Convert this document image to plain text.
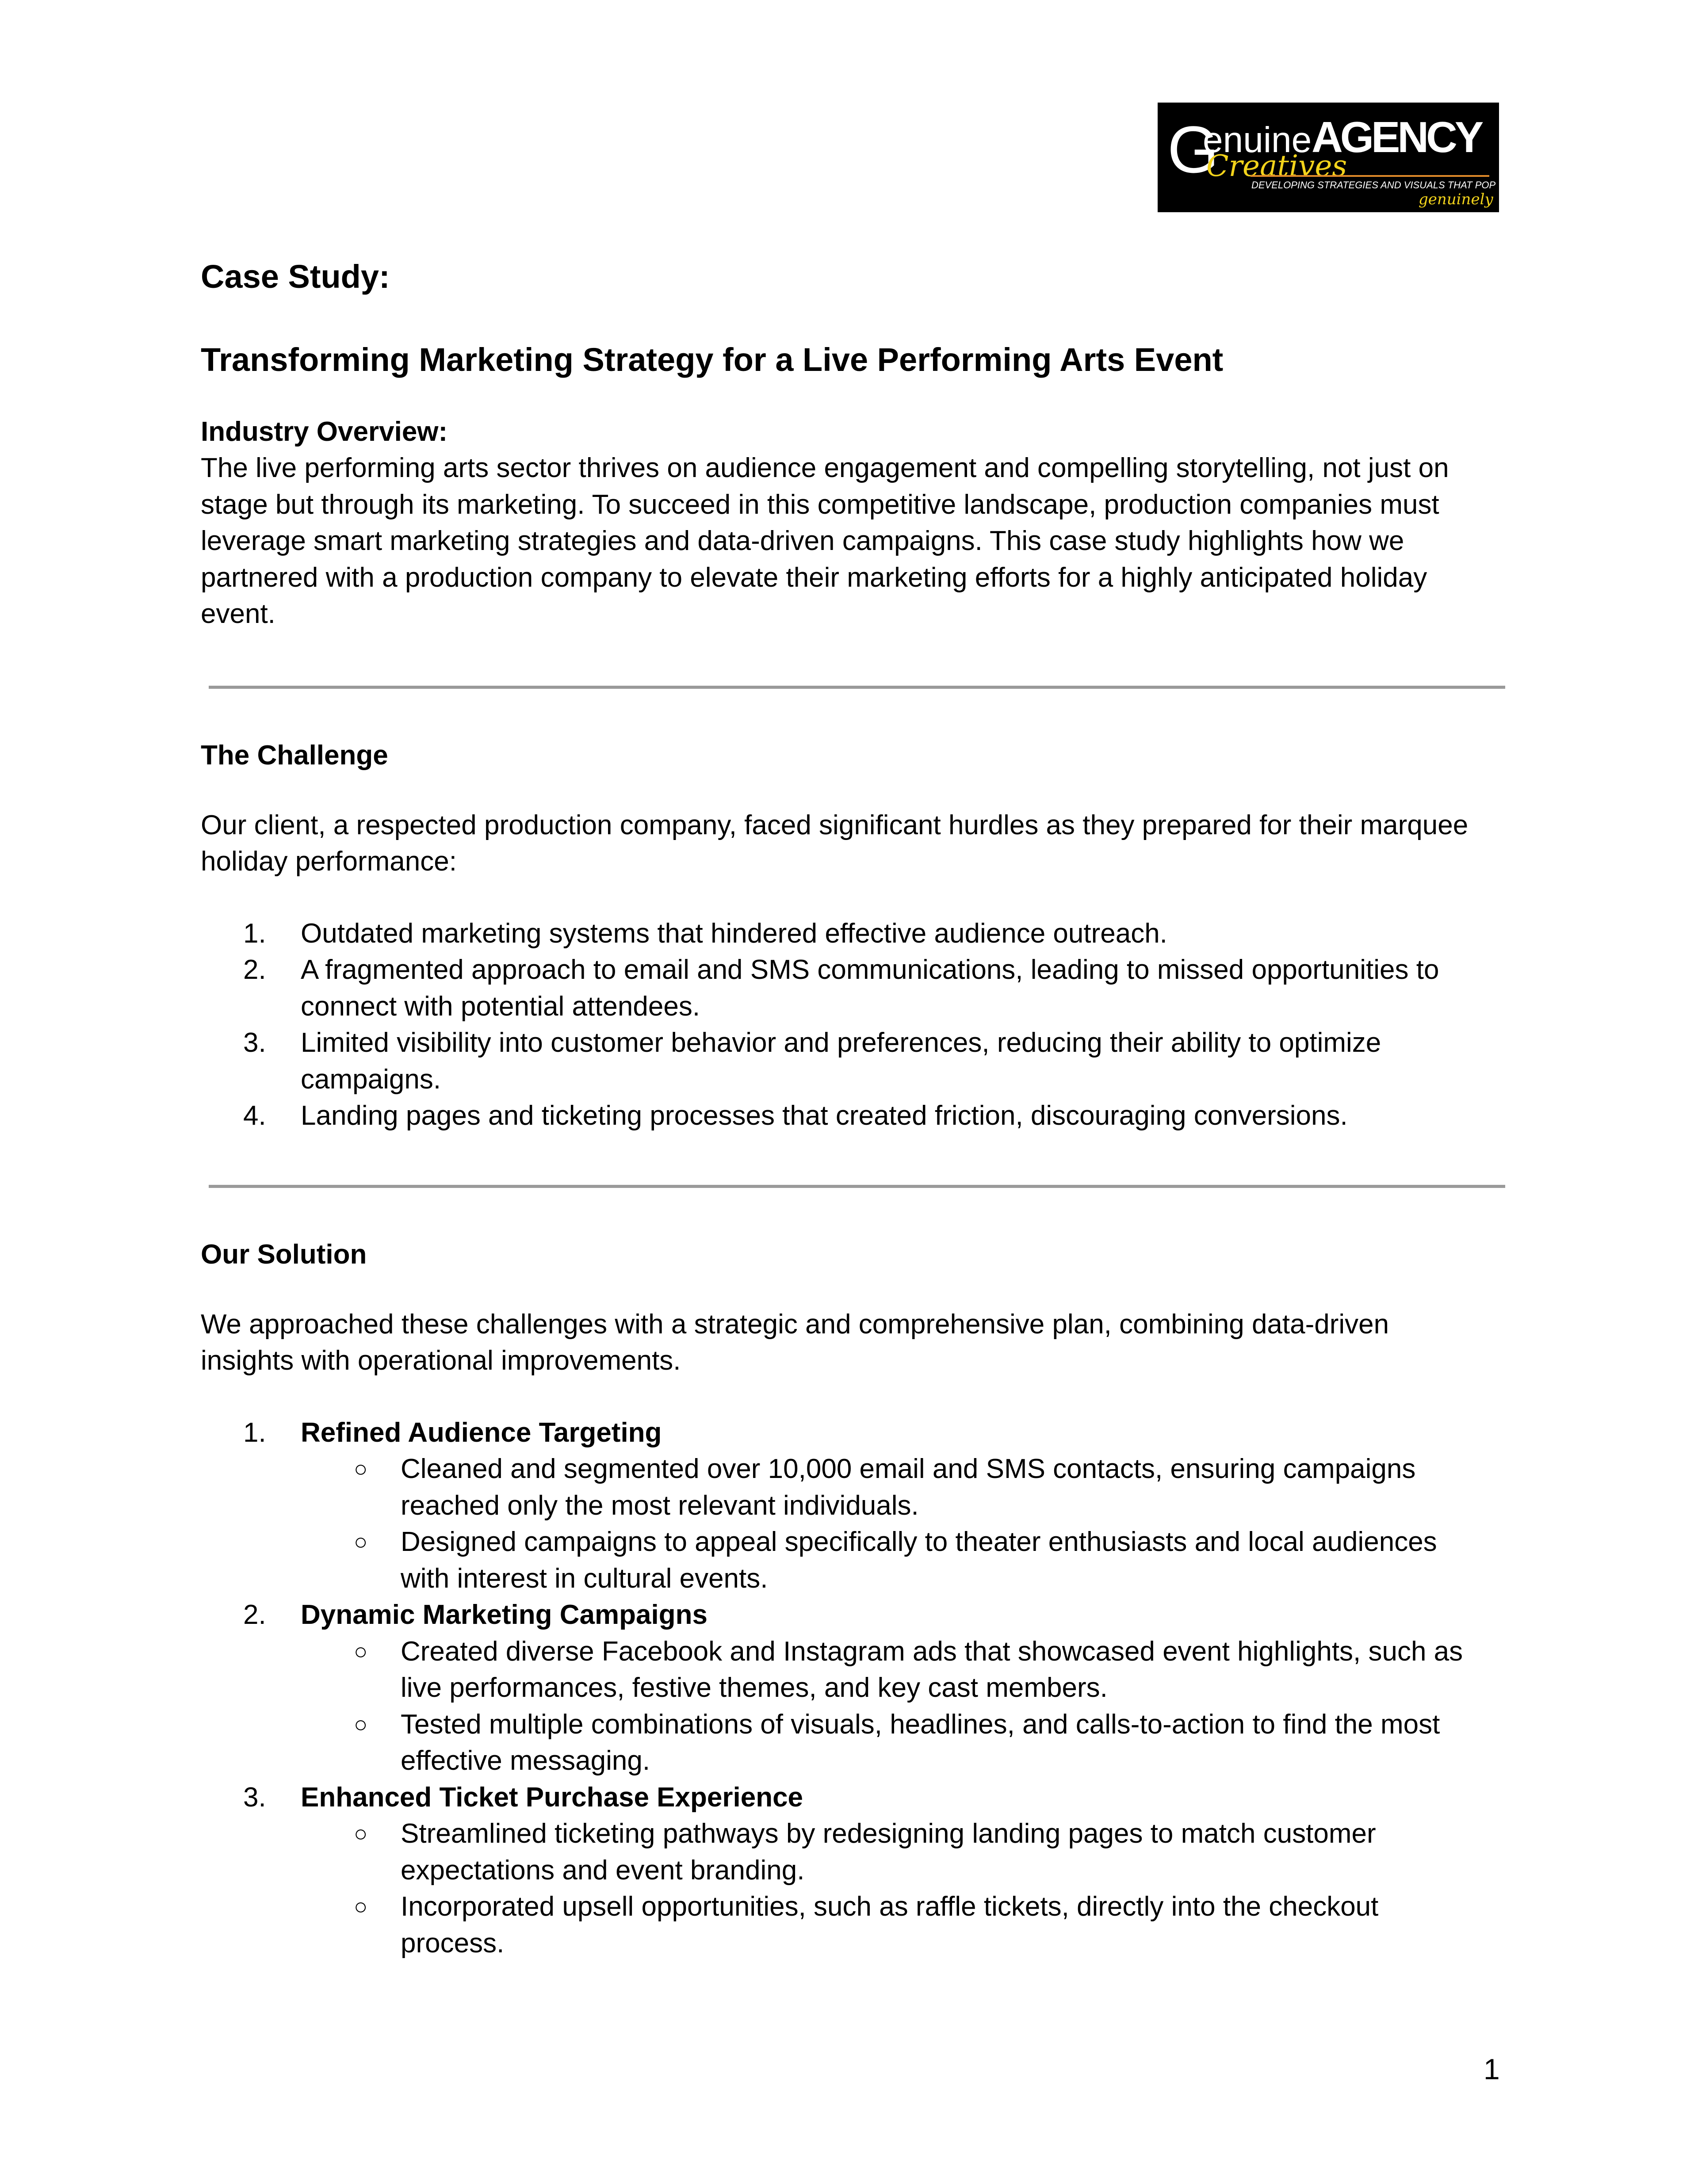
G
enuine AGENCY
Creatives
DEVELOPING STRATEGIES AND VISUALS THAT POP
genuinely
Case Study:
Transforming Marketing Strategy for a Live Performing Arts Event
Industry Overview:
The live performing arts sector thrives on audience engagement and compelling storytelling, not just on
stage but through its marketing. To succeed in this competitive landscape, production companies must
leverage smart marketing strategies and data-driven campaigns. This case study highlights how we
partnered with a production company to elevate their marketing efforts for a highly anticipated holiday
event.
The Challenge
Our client, a respected production company, faced significant hurdles as they prepared for their marquee
holiday performance:
1.	Outdated marketing systems that hindered effective audience outreach.
2.	A fragmented approach to email and SMS communications, leading to missed opportunities to
connect with potential attendees.
3.	Limited visibility into customer behavior and preferences, reducing their ability to optimize
campaigns.
4.	Landing pages and ticketing processes that created friction, discouraging conversions.
Our Solution
We approached these challenges with a strategic and comprehensive plan, combining data-driven
insights with operational improvements.
1.	Refined Audience Targeting
○ Cleaned and segmented over 10,000 email and SMS contacts, ensuring campaigns
reached only the most relevant individuals.
○ Designed campaigns to appeal specifically to theater enthusiasts and local audiences
with interest in cultural events.
2.	Dynamic Marketing Campaigns
○ Created diverse Facebook and Instagram ads that showcased event highlights, such as
live performances, festive themes, and key cast members.
○ Tested multiple combinations of visuals, headlines, and calls-to-action to find the most
effective messaging.
3.	Enhanced Ticket Purchase Experience
○ Streamlined ticketing pathways by redesigning landing pages to match customer
expectations and event branding.
○ Incorporated upsell opportunities, such as raffle tickets, directly into the checkout
process.
1
